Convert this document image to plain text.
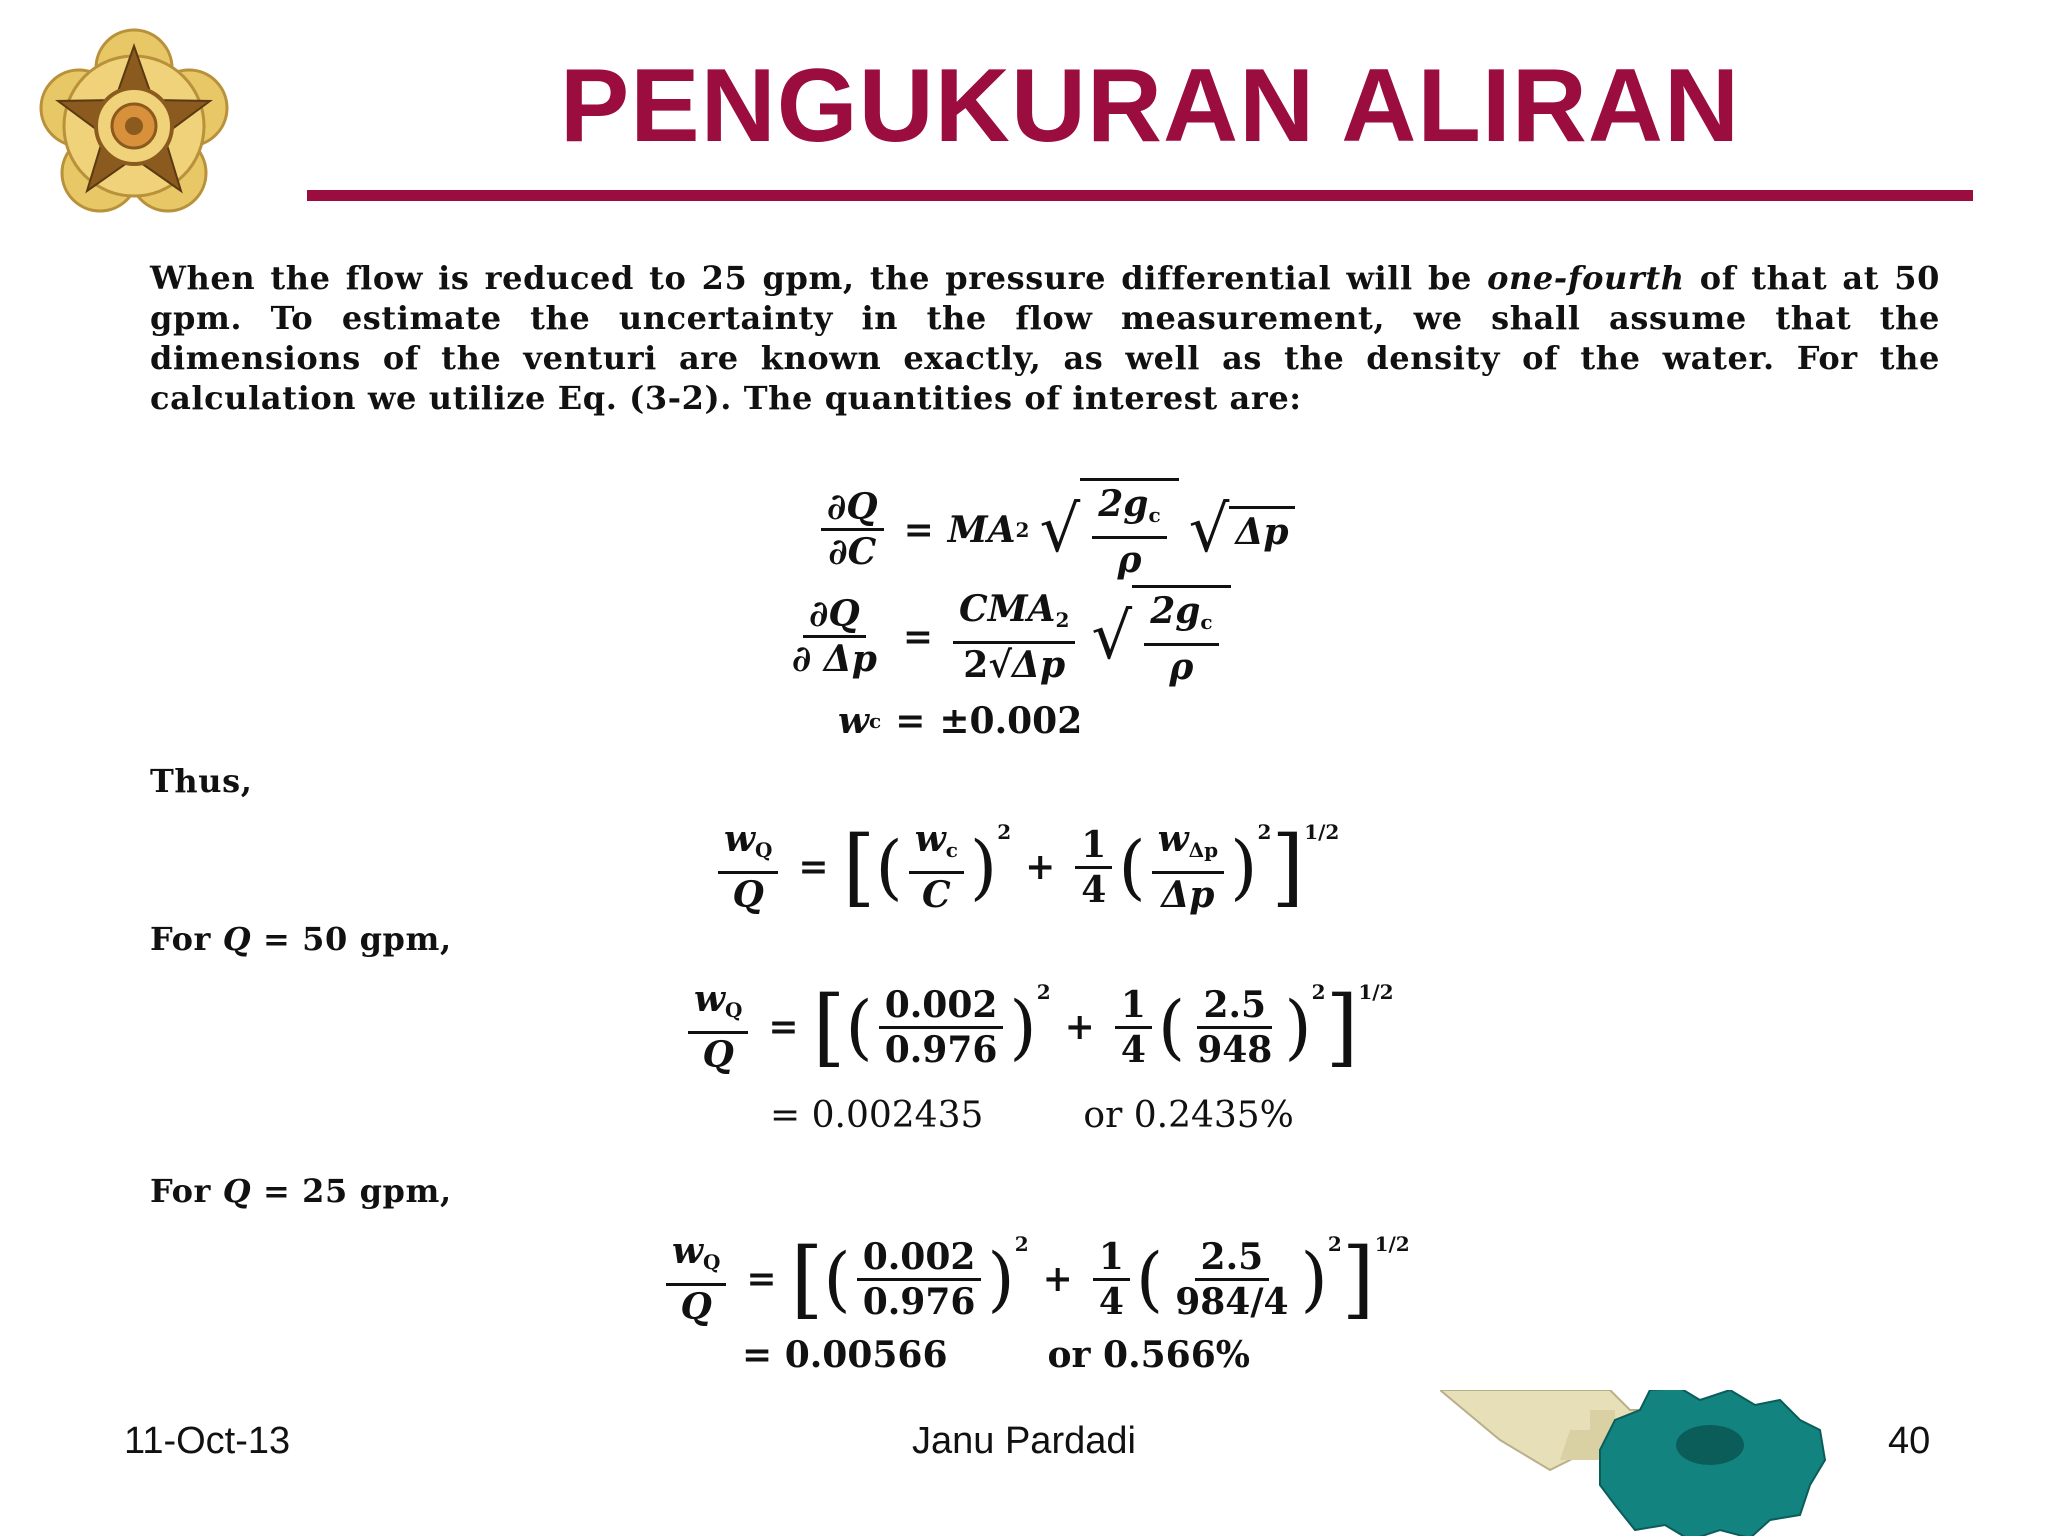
PENGUKURAN ALIRAN
When the flow is reduced to 25 gpm, the pressure differential will be one-fourth of that at 50 gpm. To estimate the uncertainty in the flow measurement, we shall assume that the dimensions of the venturi are known exactly, as well as the density of the water. For the calculation we utilize Eq. (3-2). The quantities of interest are:
$\frac{\partial Q}{\partial C}$ = MA 2 √ $\frac{2g_c}{\rho}$ √ Δp
$\frac{\partial Q}{\partial \Delta p} = \frac{CMA_2}{2√\Delta p}$ √ $\frac{2g_c}{\rho}$
w c = ±0.002
Thus,
$\frac{w_Q}{Q}$ = [ ( $\frac{w_c}{C}$ ) 2
+ $\frac{1}{4}$ ( $\frac{w_{\Delta p}}{\Delta p}$ ) 2 ] 1/2
For Q = 50 gpm,
$\frac{w_Q}{Q}$ = [ ( $\frac{0.002}{0.976}$ ) 2
+ $\frac{1}{4}$ ( $\frac{2.5}{948}$ ) 2 ] 1/2
= 0.002435	or 0.2435%
For Q = 25 gpm,
$\frac{w_Q}{Q}$ = [ ( $\frac{0.002}{0.976}$ ) 2
+ $\frac{1}{4}$ ( $\frac{2.5}{984/4}$ ) 2 ] 1/2
= 0.00566	or 0.566%
11-Oct-13	Janu Pardadi	40
